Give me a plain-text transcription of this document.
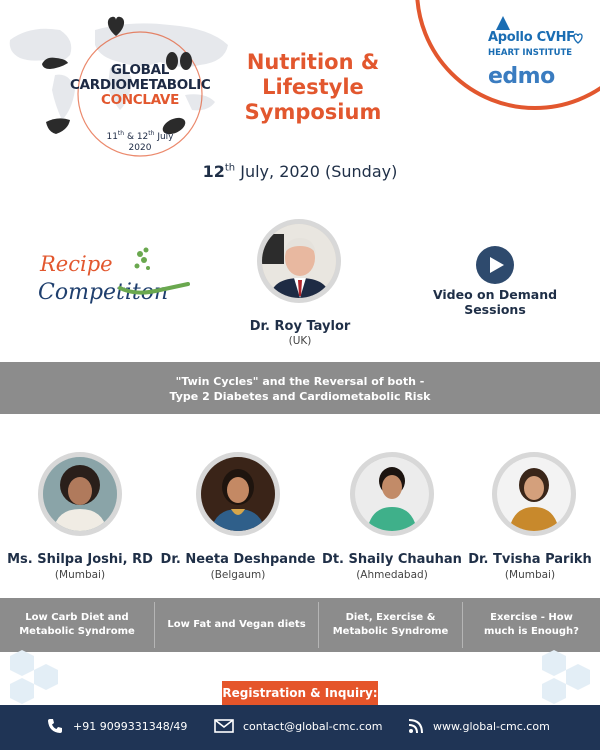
GLOBAL
CARDIOMETABOLIC
CONCLAVE
11th & 12th July
2020
Nutrition &
Lifestyle
Symposium
Apollo CVHF
HEART INSTITUTE
edmo
12th July, 2020 (Sunday)
Recipe
Competiton
Dr. Roy Taylor
(UK)
Video on Demand
Sessions
"Twin Cycles" and the Reversal of both -
Type 2 Diabetes and Cardiometabolic Risk
Ms. Shilpa Joshi, RD
(Mumbai)
Dr. Neeta Deshpande
(Belgaum)
Dt. Shaily Chauhan
(Ahmedabad)
Dr. Tvisha Parikh
(Mumbai)
Low Carb Diet and
Metabolic Syndrome
Low Fat and Vegan diets
Diet, Exercise &
Metabolic Syndrome
Exercise - How
much is Enough?
Registration & Inquiry:
+91 9099331348/49	contact@global-cmc.com	www.global-cmc.com
